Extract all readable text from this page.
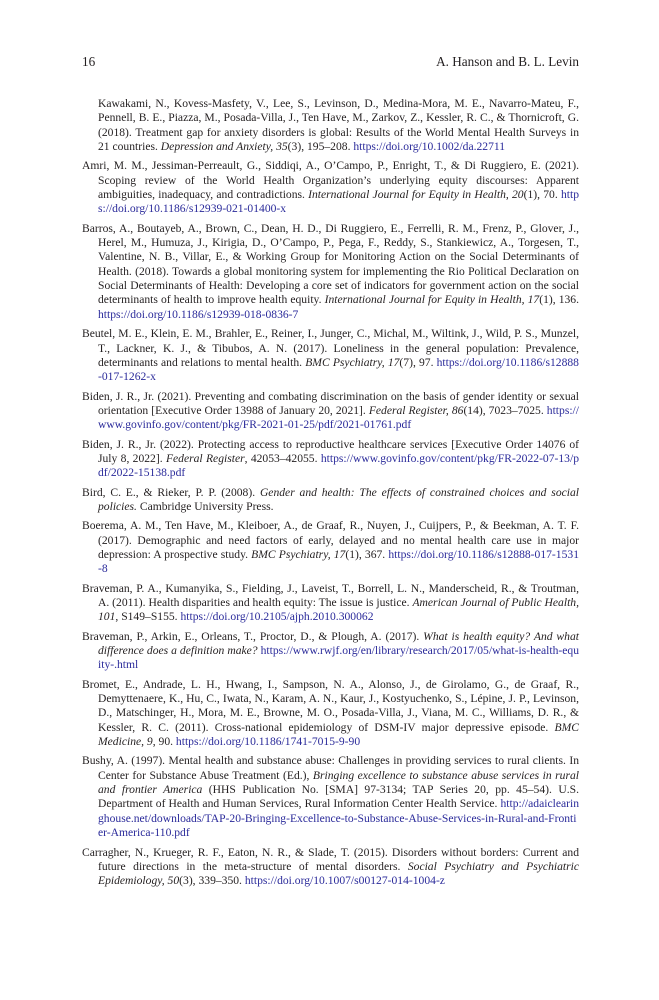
16	A. Hanson and B. L. Levin
Kawakami, N., Kovess-Masfety, V., Lee, S., Levinson, D., Medina-Mora, M. E., Navarro-Mateu, F., Pennell, B. E., Piazza, M., Posada-Villa, J., Ten Have, M., Zarkov, Z., Kessler, R. C., & Thornicroft, G. (2018). Treatment gap for anxiety disorders is global: Results of the World Mental Health Surveys in 21 countries. Depression and Anxiety, 35(3), 195–208. https://doi.org/10.1002/da.22711
Amri, M. M., Jessiman-Perreault, G., Siddiqi, A., O’Campo, P., Enright, T., & Di Ruggiero, E. (2021). Scoping review of the World Health Organization’s underlying equity discourses: Apparent ambiguities, inadequacy, and contradictions. International Journal for Equity in Health, 20(1), 70. https://doi.org/10.1186/s12939-021-01400-x
Barros, A., Boutayeb, A., Brown, C., Dean, H. D., Di Ruggiero, E., Ferrelli, R. M., Frenz, P., Glover, J., Herel, M., Humuza, J., Kirigia, D., O’Campo, P., Pega, F., Reddy, S., Stankiewicz, A., Torgesen, T., Valentine, N. B., Villar, E., & Working Group for Monitoring Action on the Social Determinants of Health. (2018). Towards a global monitoring system for implementing the Rio Political Declaration on Social Determinants of Health: Developing a core set of indicators for government action on the social determinants of health to improve health equity. International Journal for Equity in Health, 17(1), 136. https://doi.org/10.1186/s12939-018-0836-7
Beutel, M. E., Klein, E. M., Brahler, E., Reiner, I., Junger, C., Michal, M., Wiltink, J., Wild, P. S., Munzel, T., Lackner, K. J., & Tibubos, A. N. (2017). Loneliness in the general population: Prevalence, determinants and relations to mental health. BMC Psychiatry, 17(7), 97. https://doi.org/10.1186/s12888-017-1262-x
Biden, J. R., Jr. (2021). Preventing and combating discrimination on the basis of gender identity or sexual orientation [Executive Order 13988 of January 20, 2021]. Federal Register, 86(14), 7023–7025. https://www.govinfo.gov/content/pkg/FR-2021-01-25/pdf/2021-01761.pdf
Biden, J. R., Jr. (2022). Protecting access to reproductive healthcare services [Executive Order 14076 of July 8, 2022]. Federal Register, 42053–42055. https://www.govinfo.gov/content/pkg/FR-2022-07-13/pdf/2022-15138.pdf
Bird, C. E., & Rieker, P. P. (2008). Gender and health: The effects of constrained choices and social policies. Cambridge University Press.
Boerema, A. M., Ten Have, M., Kleiboer, A., de Graaf, R., Nuyen, J., Cuijpers, P., & Beekman, A. T. F. (2017). Demographic and need factors of early, delayed and no mental health care use in major depression: A prospective study. BMC Psychiatry, 17(1), 367. https://doi.org/10.1186/s12888-017-1531-8
Braveman, P. A., Kumanyika, S., Fielding, J., Laveist, T., Borrell, L. N., Manderscheid, R., & Troutman, A. (2011). Health disparities and health equity: The issue is justice. American Journal of Public Health, 101, S149–S155. https://doi.org/10.2105/ajph.2010.300062
Braveman, P., Arkin, E., Orleans, T., Proctor, D., & Plough, A. (2017). What is health equity? And what difference does a definition make? https://www.rwjf.org/en/library/research/2017/05/what-is-health-equity-.html
Bromet, E., Andrade, L. H., Hwang, I., Sampson, N. A., Alonso, J., de Girolamo, G., de Graaf, R., Demyttenaere, K., Hu, C., Iwata, N., Karam, A. N., Kaur, J., Kostyuchenko, S., Lépine, J. P., Levinson, D., Matschinger, H., Mora, M. E., Browne, M. O., Posada-Villa, J., Viana, M. C., Williams, D. R., & Kessler, R. C. (2011). Cross-national epidemiology of DSM-IV major depressive episode. BMC Medicine, 9, 90. https://doi.org/10.1186/1741-7015-9-90
Bushy, A. (1997). Mental health and substance abuse: Challenges in providing services to rural clients. In Center for Substance Abuse Treatment (Ed.), Bringing excellence to substance abuse services in rural and frontier America (HHS Publication No. [SMA] 97-3134; TAP Series 20, pp. 45–54). U.S. Department of Health and Human Services, Rural Information Center Health Service. http://adaiclearinghouse.net/downloads/TAP-20-Bringing-Excellence-to-Substance-Abuse-Services-in-Rural-and-Frontier-America-110.pdf
Carragher, N., Krueger, R. F., Eaton, N. R., & Slade, T. (2015). Disorders without borders: Current and future directions in the meta-structure of mental disorders. Social Psychiatry and Psychiatric Epidemiology, 50(3), 339–350. https://doi.org/10.1007/s00127-014-1004-z
